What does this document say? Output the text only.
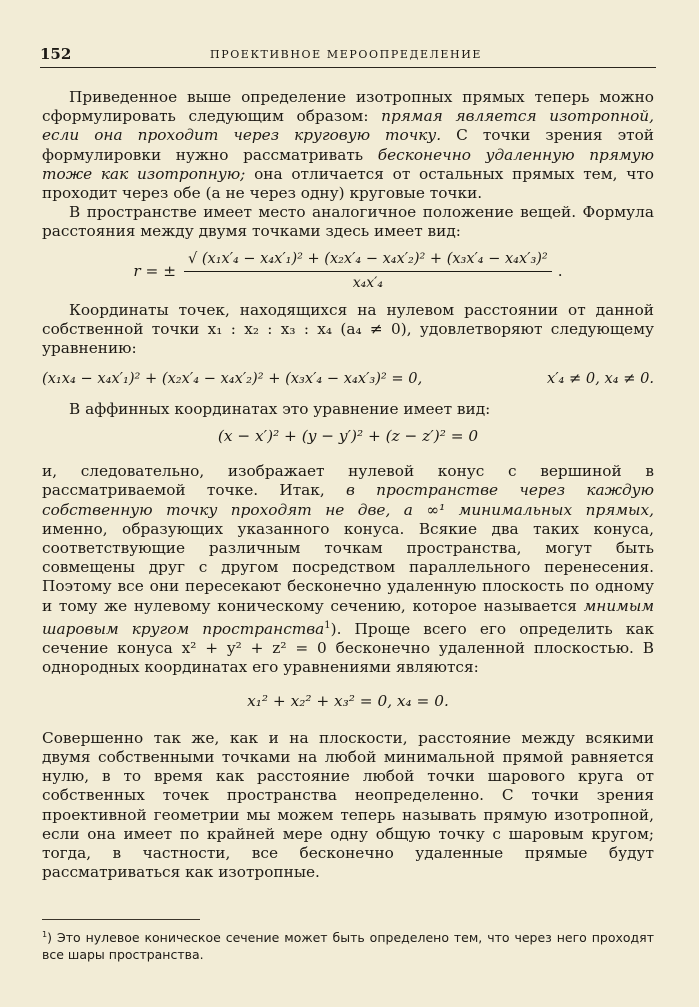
152	ПРОЕКТИВНОЕ МЕРООПРЕДЕЛЕНИЕ

Приведенное выше определение изотропных прямых теперь можно сформулировать следующим образом: прямая является изотропной, если она проходит через круговую точку. С точки зрения этой формулировки нужно рассматривать бесконечно удаленную прямую тоже как изотропную; она отличается от остальных прямых тем, что проходит через обе (а не через одну) круговые точки.

В пространстве имеет место аналогичное положение вещей. Формула расстояния между двумя точками здесь имеет вид:

r = ± $\frac{\text{√ (x₁x′₄ − x₄x′₁)² + (x₂x′₄ − x₄x′₂)² + (x₃x′₄ − x₄x′₃)²}}{\text{x₄x′₄}}$ .

Координаты точек, находящихся на нулевом расстоянии от данной собственной точки x₁ : x₂ : x₃ : x₄ (a₄ ≠ 0), удовлетворяют следующему уравнению:

(x₁x₄ − x₄x′₁)² + (x₂x′₄ − x₄x′₂)² + (x₃x′₄ − x₄x′₃)² = 0,	x′₄ ≠ 0, x₄ ≠ 0.

В аффинных координатах это уравнение имеет вид:

(x − x′)² + (y − y′)² + (z − z′)² = 0

и, следовательно, изображает нулевой конус с вершиной в рассматриваемой точке. Итак, в пространстве через каждую собственную точку проходят не две, а ∞¹ минимальных прямых, именно, образующих указанного конуса. Всякие два таких конуса, соответствующие различным точкам пространства, могут быть совмещены друг с другом посредством параллельного перенесения. Поэтому все они пересекают бесконечно удаленную плоскость по одному и тому же нулевому коническому сечению, которое называется мнимым шаровым кругом пространства$^1$). Проще всего его определить как сечение конуса x² + y² + z² = 0 бесконечно удаленной плоскостью. В однородных координатах его уравнениями являются:

x₁² + x₂² + x₃² = 0, x₄ = 0.

Совершенно так же, как и на плоскости, расстояние между всякими двумя собственными точками на любой минимальной прямой равняется нулю, в то время как расстояние любой точки шарового круга от собственных точек пространства неопределенно. С точки зрения проективной геометрии мы можем теперь называть прямую изотропной, если она имеет по крайней мере одну общую точку с шаровым кругом; тогда, в частности, все бесконечно удаленные прямые будут рассматриваться как изотропные.

$^1$) Это нулевое коническое сечение может быть определено тем, что через него проходят все шары пространства.
